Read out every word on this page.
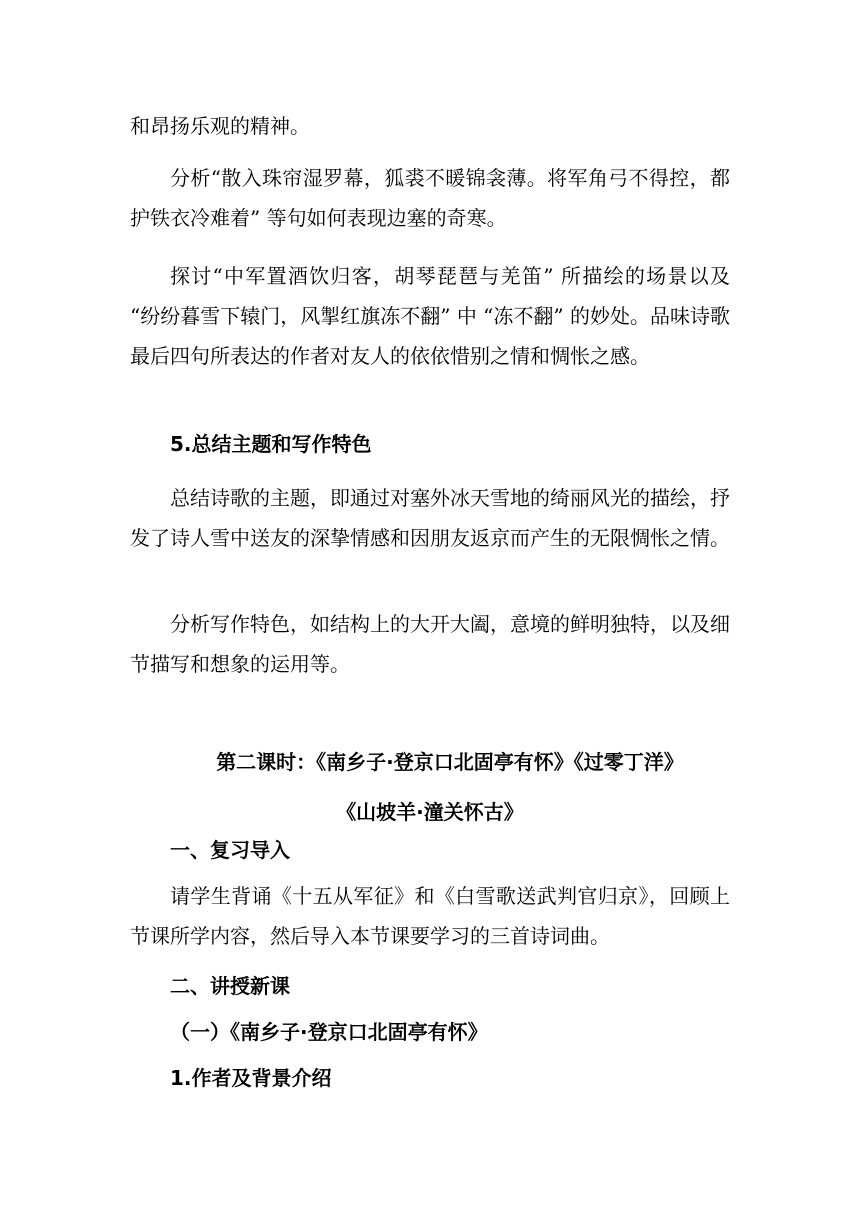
和昂扬乐观的精神。
分析“散入珠帘湿罗幕，狐裘不暖锦衾薄。将军角弓不得控，都护铁衣冷难着” 等句如何表现边塞的奇寒。
探讨“中军置酒饮归客，胡琴琵琶与羌笛” 所描绘的场景以及 “纷纷暮雪下辕门，风掣红旗冻不翻” 中 “冻不翻” 的妙处。品味诗歌最后四句所表达的作者对友人的依依惜别之情和惆怅之感。
5.总结主题和写作特色
总结诗歌的主题，即通过对塞外冰天雪地的绮丽风光的描绘，抒发了诗人雪中送友的深挚情感和因朋友返京而产生的无限惆怅之情。
分析写作特色，如结构上的大开大阖，意境的鲜明独特，以及细节描写和想象的运用等。
第二课时：《南乡子·登京口北固亭有怀》《过零丁洋》
《山坡羊·潼关怀古》
一、复习导入
请学生背诵《十五从军征》和《白雪歌送武判官归京》，回顾上节课所学内容，然后导入本节课要学习的三首诗词曲。
二、讲授新课
（一）《南乡子·登京口北固亭有怀》
1.作者及背景介绍
